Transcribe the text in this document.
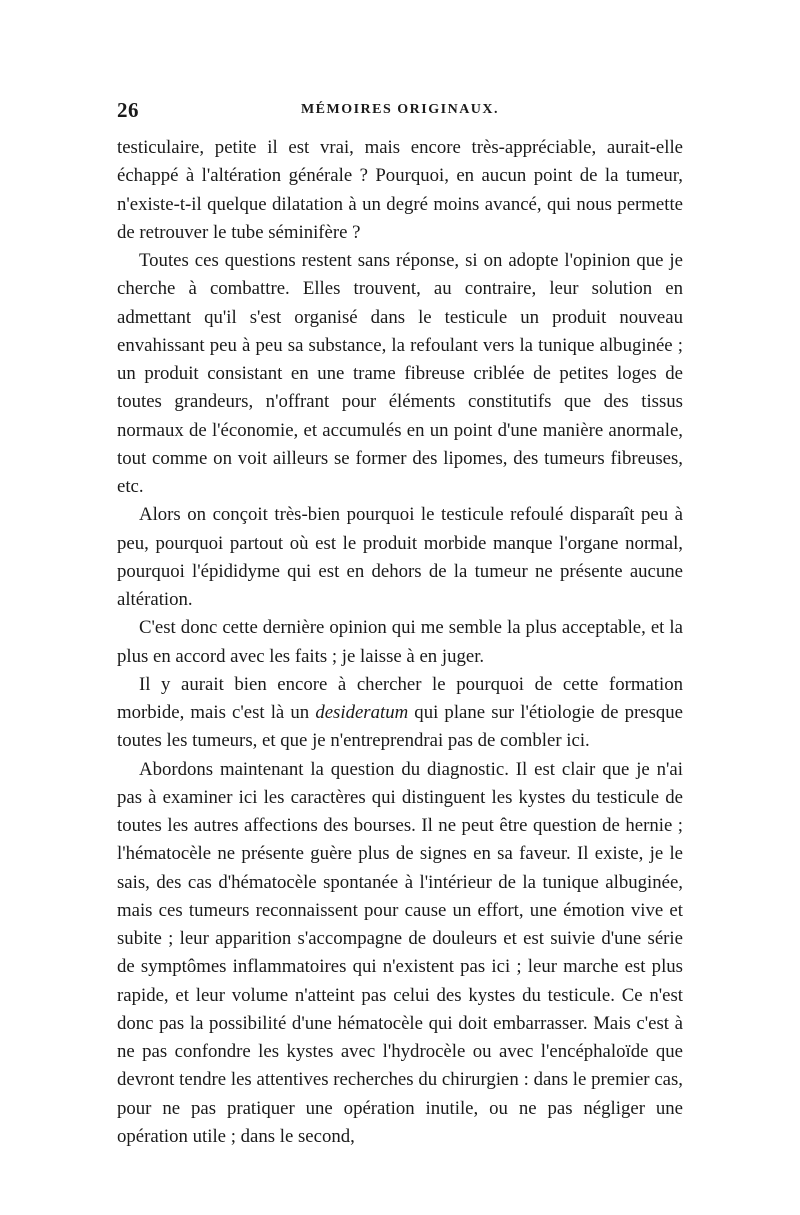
26	MÉMOIRES ORIGINAUX.

testiculaire, petite il est vrai, mais encore très-appréciable, aurait-elle échappé à l'altération générale ? Pourquoi, en aucun point de la tumeur, n'existe-t-il quelque dilatation à un degré moins avancé, qui nous permette de retrouver le tube séminifère ?

Toutes ces questions restent sans réponse, si on adopte l'opinion que je cherche à combattre. Elles trouvent, au contraire, leur solution en admettant qu'il s'est organisé dans le testicule un produit nouveau envahissant peu à peu sa substance, la refoulant vers la tunique albuginée ; un produit consistant en une trame fibreuse criblée de petites loges de toutes grandeurs, n'offrant pour éléments constitutifs que des tissus normaux de l'économie, et accumulés en un point d'une manière anormale, tout comme on voit ailleurs se former des lipomes, des tumeurs fibreuses, etc.

Alors on conçoit très-bien pourquoi le testicule refoulé disparaît peu à peu, pourquoi partout où est le produit morbide manque l'organe normal, pourquoi l'épididyme qui est en dehors de la tumeur ne présente aucune altération.

C'est donc cette dernière opinion qui me semble la plus acceptable, et la plus en accord avec les faits ; je laisse à en juger.

Il y aurait bien encore à chercher le pourquoi de cette formation morbide, mais c'est là un desideratum qui plane sur l'étiologie de presque toutes les tumeurs, et que je n'entreprendrai pas de combler ici.

Abordons maintenant la question du diagnostic. Il est clair que je n'ai pas à examiner ici les caractères qui distinguent les kystes du testicule de toutes les autres affections des bourses. Il ne peut être question de hernie ; l'hématocèle ne présente guère plus de signes en sa faveur. Il existe, je le sais, des cas d'hématocèle spontanée à l'intérieur de la tunique albuginée, mais ces tumeurs reconnaissent pour cause un effort, une émotion vive et subite ; leur apparition s'accompagne de douleurs et est suivie d'une série de symptômes inflammatoires qui n'existent pas ici ; leur marche est plus rapide, et leur volume n'atteint pas celui des kystes du testicule. Ce n'est donc pas la possibilité d'une hématocèle qui doit embarrasser. Mais c'est à ne pas confondre les kystes avec l'hydrocèle ou avec l'encéphaloïde que devront tendre les attentives recherches du chirurgien : dans le premier cas, pour ne pas pratiquer une opération inutile, ou ne pas négliger une opération utile ; dans le second,
